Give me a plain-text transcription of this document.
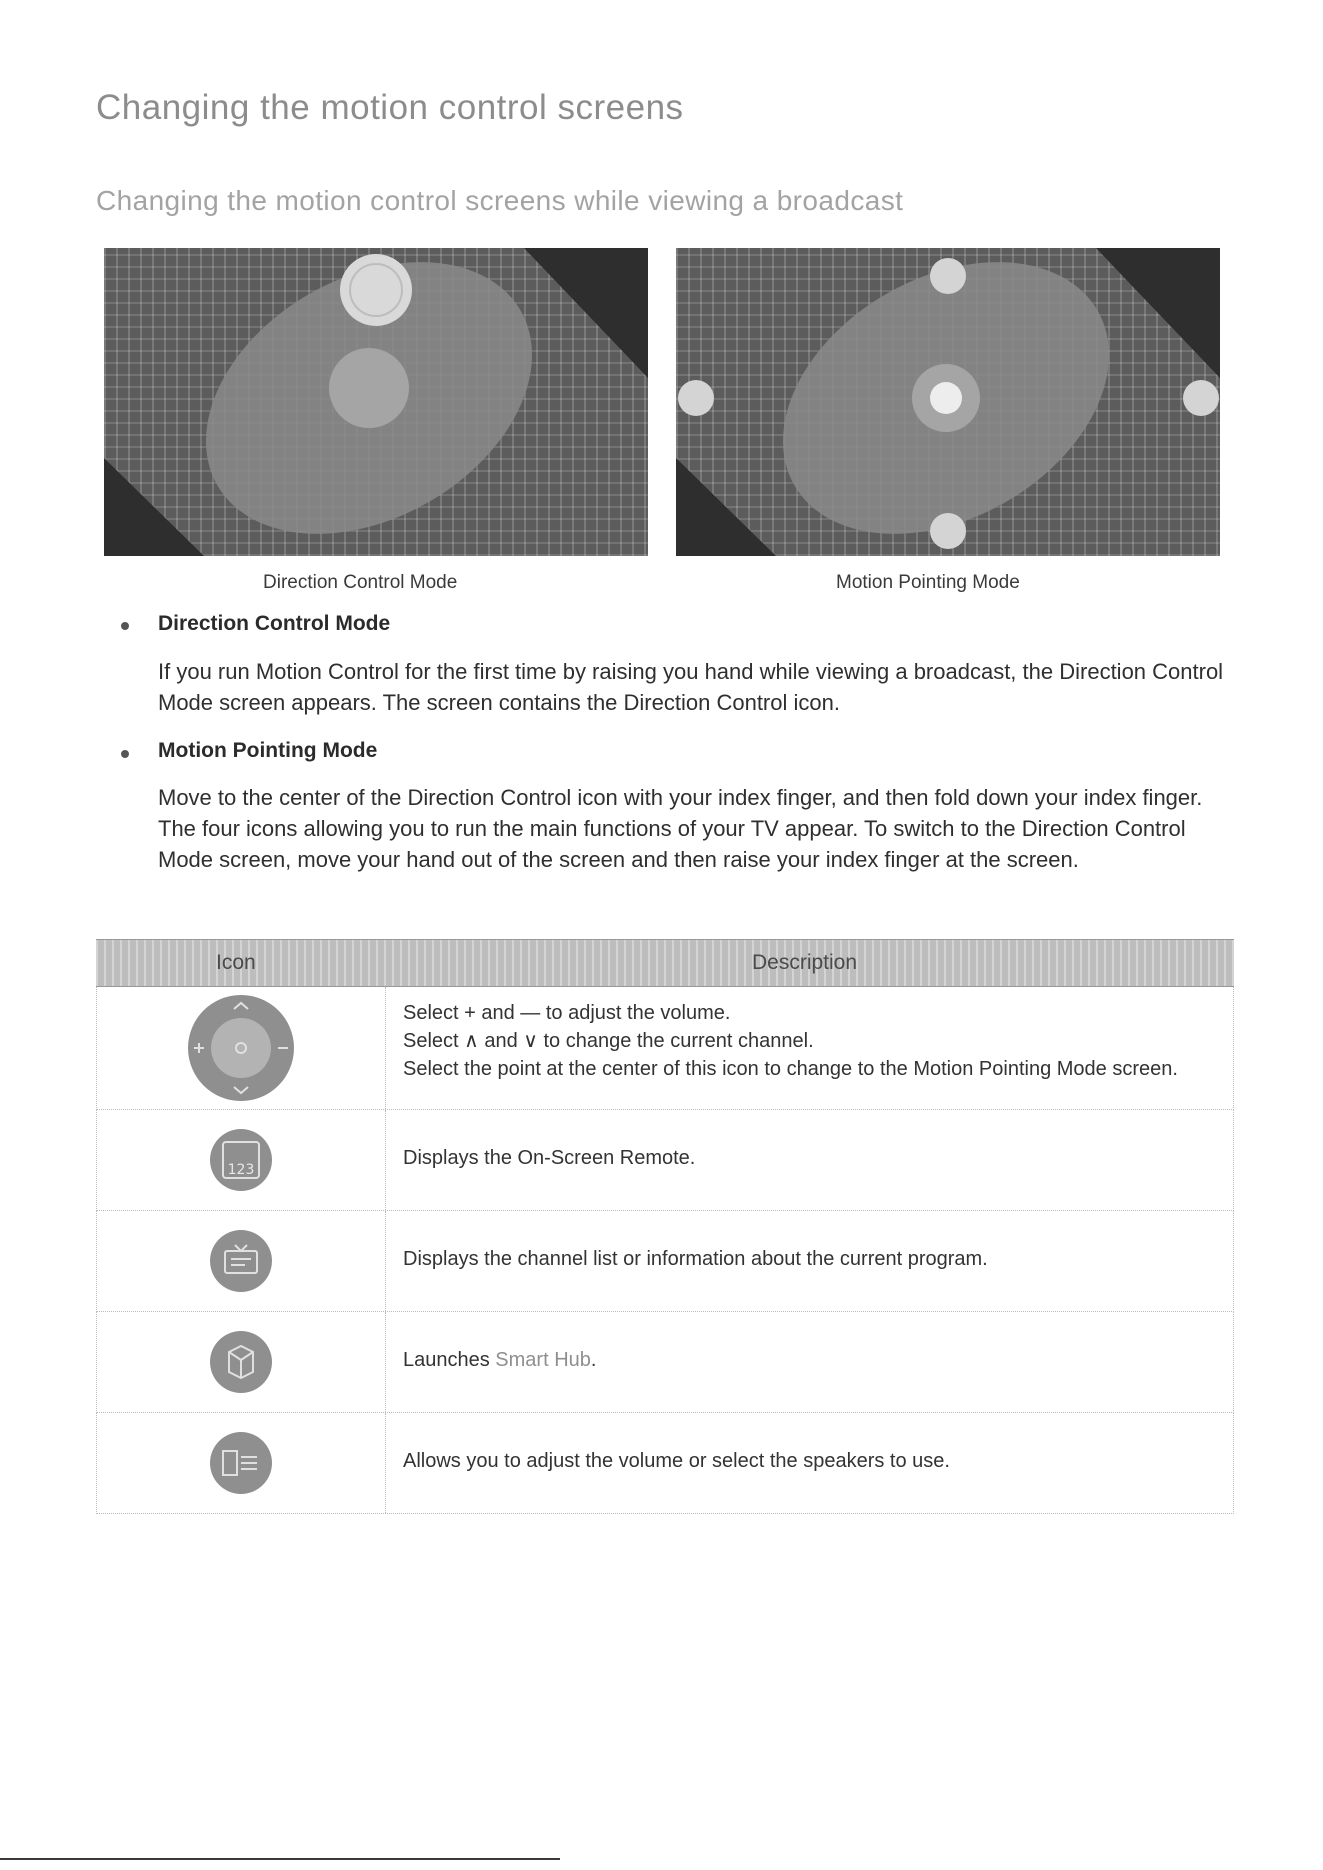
Changing the motion control screens
Changing the motion control screens while viewing a broadcast
Direction Control Mode	Motion Pointing Mode
Direction Control Mode

If you run Motion Control for the first time by raising you hand while viewing a broadcast, the Direction Control Mode screen appears. The screen contains the Direction Control icon.

Motion Pointing Mode

Move to the center of the Direction Control icon with your index finger, and then fold down your index finger. The four icons allowing you to run the main functions of your TV appear. To switch to the Direction Control Mode screen, move your hand out of the screen and then raise your index finger at the screen.

Icon	Description
Select + and — to adjust the volume.
Select ∧ and ∨ to change the current channel.
Select the point at the center of this icon to change to the Motion Pointing Mode screen.
123
Displays the On-Screen Remote.
Displays the channel list or information about the current program.
Launches Smart Hub.
Allows you to adjust the volume or select the speakers to use.
